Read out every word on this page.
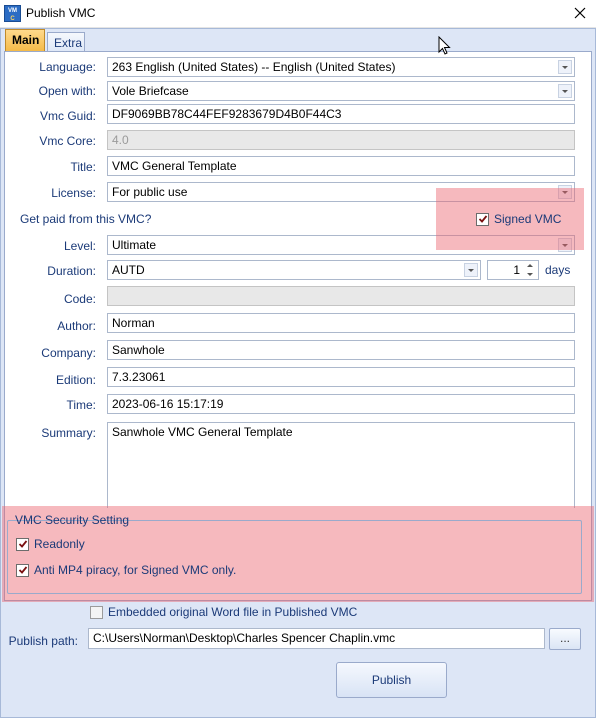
VM
C Publish VMC
Main	Extra
Language:	263 English (United States) -- English (United States)
Open with:	Vole Briefcase
Vmc Guid:	DF9069BB78C44FEF9283679D4B0F44C3
Vmc Core:	4.0
Title:	VMC General Template
License:	For public use
Get paid from this VMC?
Level:	Ultimate
Duration:	AUTD	1 days
Code:
Author:	Norman
Company:	Sanwhole
Edition:	7.3.23061
Time:	2023-06-16 15:17:19
Summary:	Sanwhole VMC General Template
Signed VMC
VMC Security Setting
Readonly
Anti MP4 piracy, for Signed VMC only.
Embedded original Word file in Published VMC
Publish path:	C:\Users\Norman\Desktop\Charles Spencer Chaplin.vmc	...
Publish
